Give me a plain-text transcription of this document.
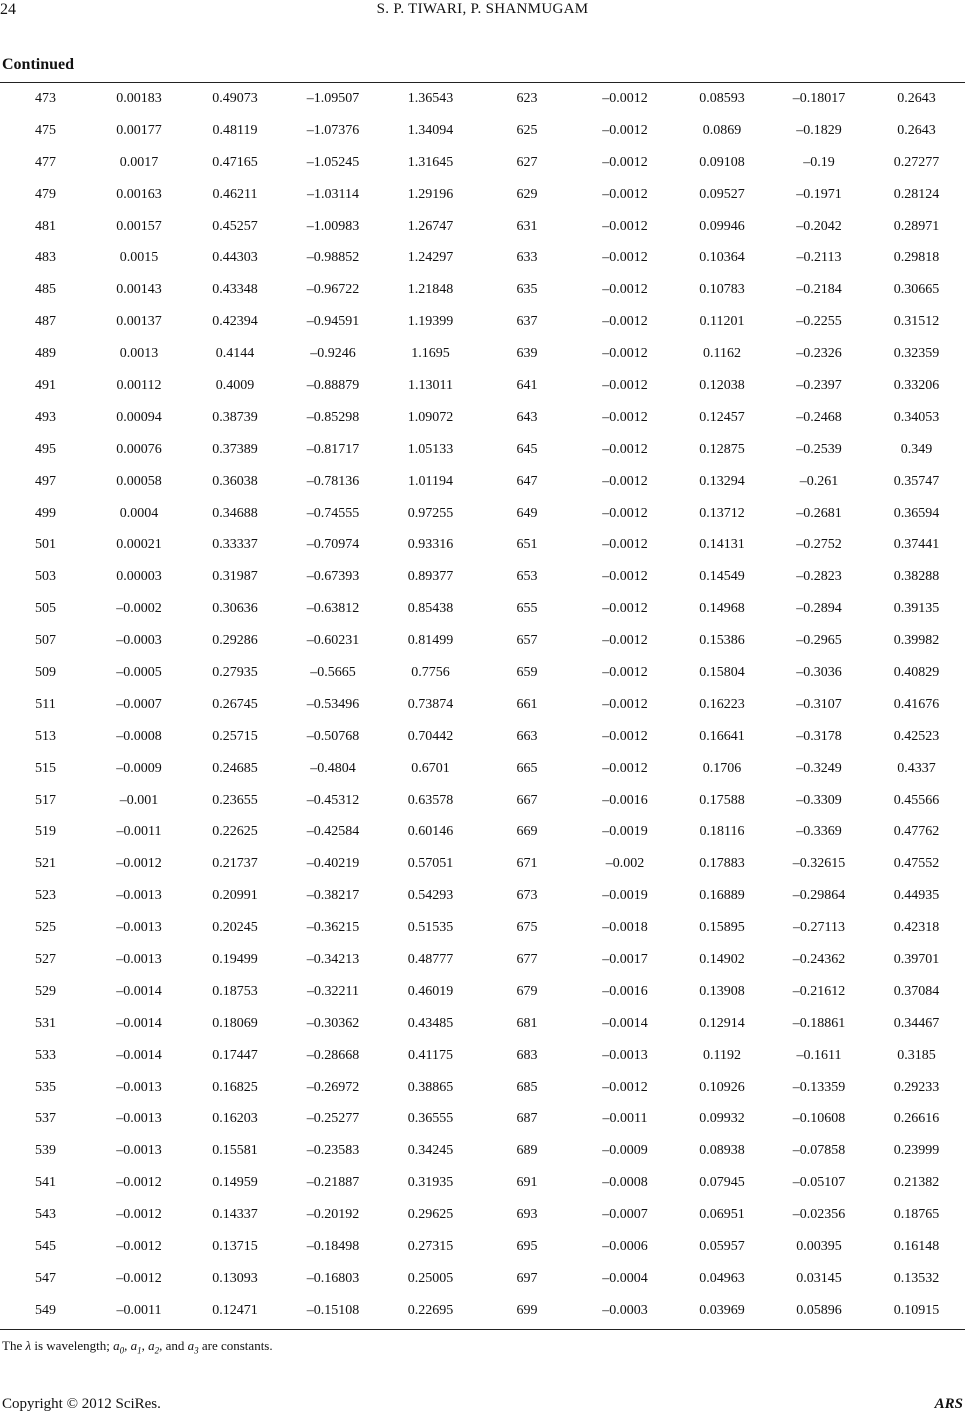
24	S. P. TIWARI, P. SHANMUGAM
Continued
473	0.00183	0.49073	–1.09507	1.36543	623	–0.0012	0.08593	–0.18017	0.2643
475	0.00177	0.48119	–1.07376	1.34094	625	–0.0012	0.0869	–0.1829	0.2643
477	0.0017	0.47165	–1.05245	1.31645	627	–0.0012	0.09108	–0.19	0.27277
479	0.00163	0.46211	–1.03114	1.29196	629	–0.0012	0.09527	–0.1971	0.28124
481	0.00157	0.45257	–1.00983	1.26747	631	–0.0012	0.09946	–0.2042	0.28971
483	0.0015	0.44303	–0.98852	1.24297	633	–0.0012	0.10364	–0.2113	0.29818
485	0.00143	0.43348	–0.96722	1.21848	635	–0.0012	0.10783	–0.2184	0.30665
487	0.00137	0.42394	–0.94591	1.19399	637	–0.0012	0.11201	–0.2255	0.31512
489	0.0013	0.4144	–0.9246	1.1695	639	–0.0012	0.1162	–0.2326	0.32359
491	0.00112	0.4009	–0.88879	1.13011	641	–0.0012	0.12038	–0.2397	0.33206
493	0.00094	0.38739	–0.85298	1.09072	643	–0.0012	0.12457	–0.2468	0.34053
495	0.00076	0.37389	–0.81717	1.05133	645	–0.0012	0.12875	–0.2539	0.349
497	0.00058	0.36038	–0.78136	1.01194	647	–0.0012	0.13294	–0.261	0.35747
499	0.0004	0.34688	–0.74555	0.97255	649	–0.0012	0.13712	–0.2681	0.36594
501	0.00021	0.33337	–0.70974	0.93316	651	–0.0012	0.14131	–0.2752	0.37441
503	0.00003	0.31987	–0.67393	0.89377	653	–0.0012	0.14549	–0.2823	0.38288
505	–0.0002	0.30636	–0.63812	0.85438	655	–0.0012	0.14968	–0.2894	0.39135
507	–0.0003	0.29286	–0.60231	0.81499	657	–0.0012	0.15386	–0.2965	0.39982
509	–0.0005	0.27935	–0.5665	0.7756	659	–0.0012	0.15804	–0.3036	0.40829
511	–0.0007	0.26745	–0.53496	0.73874	661	–0.0012	0.16223	–0.3107	0.41676
513	–0.0008	0.25715	–0.50768	0.70442	663	–0.0012	0.16641	–0.3178	0.42523
515	–0.0009	0.24685	–0.4804	0.6701	665	–0.0012	0.1706	–0.3249	0.4337
517	–0.001	0.23655	–0.45312	0.63578	667	–0.0016	0.17588	–0.3309	0.45566
519	–0.0011	0.22625	–0.42584	0.60146	669	–0.0019	0.18116	–0.3369	0.47762
521	–0.0012	0.21737	–0.40219	0.57051	671	–0.002	0.17883	–0.32615	0.47552
523	–0.0013	0.20991	–0.38217	0.54293	673	–0.0019	0.16889	–0.29864	0.44935
525	–0.0013	0.20245	–0.36215	0.51535	675	–0.0018	0.15895	–0.27113	0.42318
527	–0.0013	0.19499	–0.34213	0.48777	677	–0.0017	0.14902	–0.24362	0.39701
529	–0.0014	0.18753	–0.32211	0.46019	679	–0.0016	0.13908	–0.21612	0.37084
531	–0.0014	0.18069	–0.30362	0.43485	681	–0.0014	0.12914	–0.18861	0.34467
533	–0.0014	0.17447	–0.28668	0.41175	683	–0.0013	0.1192	–0.1611	0.3185
535	–0.0013	0.16825	–0.26972	0.38865	685	–0.0012	0.10926	–0.13359	0.29233
537	–0.0013	0.16203	–0.25277	0.36555	687	–0.0011	0.09932	–0.10608	0.26616
539	–0.0013	0.15581	–0.23583	0.34245	689	–0.0009	0.08938	–0.07858	0.23999
541	–0.0012	0.14959	–0.21887	0.31935	691	–0.0008	0.07945	–0.05107	0.21382
543	–0.0012	0.14337	–0.20192	0.29625	693	–0.0007	0.06951	–0.02356	0.18765
545	–0.0012	0.13715	–0.18498	0.27315	695	–0.0006	0.05957	0.00395	0.16148
547	–0.0012	0.13093	–0.16803	0.25005	697	–0.0004	0.04963	0.03145	0.13532
549	–0.0011	0.12471	–0.15108	0.22695	699	–0.0003	0.03969	0.05896	0.10915
The λ is wavelength; $a_0$, $a_1$, $a_2$, and $a_3$ are constants.
Copyright © 2012 SciRes.	ARS
